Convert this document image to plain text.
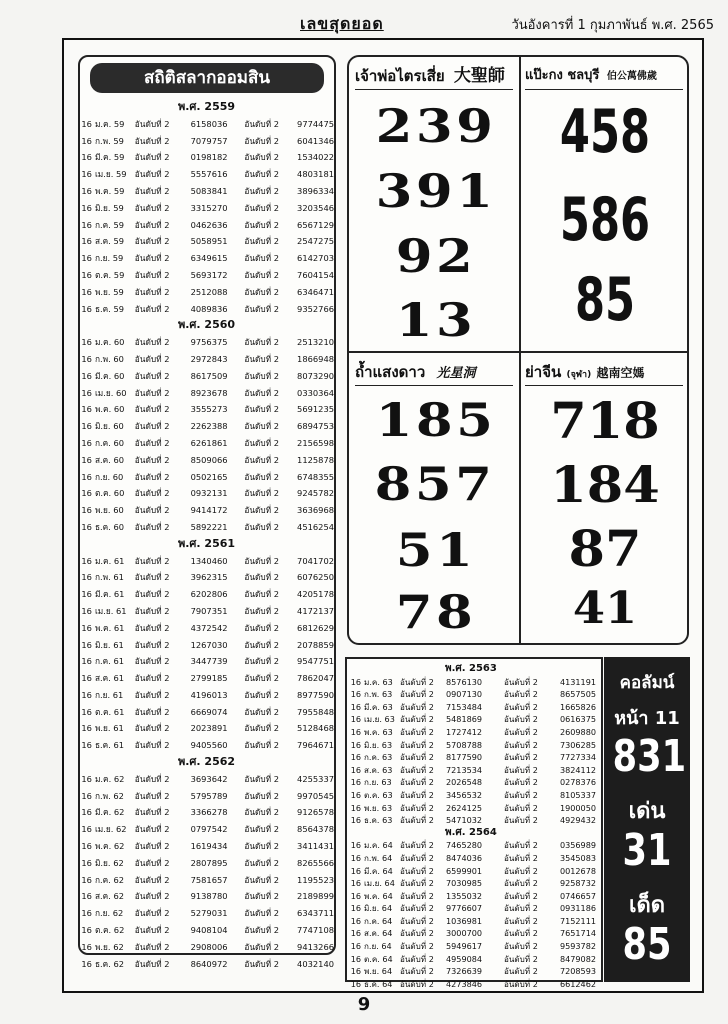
เลขสุดยอด	วันอังคารที่ 1 กุมภาพันธ์ พ.ศ. 2565
สถิติสลากออมสิน
พ.ศ. 2559
16 ม.ค. 59	อันดับที่ 2	6158036	อันดับที่ 2	9774475
16 ก.พ. 59	อันดับที่ 2	7079757	อันดับที่ 2	6041346
16 มี.ค. 59	อันดับที่ 2	0198182	อันดับที่ 2	1534022
16 เม.ย. 59 อันดับที่ 2	5557616	อันดับที่ 2	4803181
16 พ.ค. 59	อันดับที่ 2	5083841	อันดับที่ 2	3896334
16 มิ.ย. 59	อันดับที่ 2	3315270	อันดับที่ 2	3203546
16 ก.ค. 59	อันดับที่ 2	0462636	อันดับที่ 2	6567129
16 ส.ค. 59	อันดับที่ 2	5058951	อันดับที่ 2	2547275
16 ก.ย. 59	อันดับที่ 2	6349615	อันดับที่ 2	6142703
16 ต.ค. 59	อันดับที่ 2	5693172	อันดับที่ 2	7604154
16 พ.ย. 59	อันดับที่ 2	2512088	อันดับที่ 2	6346471
16 ธ.ค. 59	อันดับที่ 2	4089836	อันดับที่ 2	9352766
พ.ศ. 2560
16 ม.ค. 60	อันดับที่ 2	9756375	อันดับที่ 2	2513210
16 ก.พ. 60	อันดับที่ 2	2972843	อันดับที่ 2	1866948
16 มี.ค. 60	อันดับที่ 2	8617509	อันดับที่ 2	8073290
16 เม.ย. 60 อันดับที่ 2	8923678	อันดับที่ 2	0330364
16 พ.ค. 60	อันดับที่ 2	3555273	อันดับที่ 2	5691235
16 มิ.ย. 60	อันดับที่ 2	2262388	อันดับที่ 2	6894753
16 ก.ค. 60	อันดับที่ 2	6261861	อันดับที่ 2	2156598
16 ส.ค. 60	อันดับที่ 2	8509066	อันดับที่ 2	1125878
16 ก.ย. 60	อันดับที่ 2	0502165	อันดับที่ 2	6748355
16 ต.ค. 60	อันดับที่ 2	0932131	อันดับที่ 2	9245782
16 พ.ย. 60	อันดับที่ 2	9414172	อันดับที่ 2	3636968
16 ธ.ค. 60	อันดับที่ 2	5892221	อันดับที่ 2	4516254
พ.ศ. 2561
16 ม.ค. 61	อันดับที่ 2	1340460	อันดับที่ 2	7041702
16 ก.พ. 61	อันดับที่ 2	3962315	อันดับที่ 2	6076250
16 มี.ค. 61	อันดับที่ 2	6202806	อันดับที่ 2	4205178
16 เม.ย. 61 อันดับที่ 2	7907351	อันดับที่ 2	4172137
16 พ.ค. 61	อันดับที่ 2	4372542	อันดับที่ 2	6812629
16 มิ.ย. 61	อันดับที่ 2	1267030	อันดับที่ 2	2078859
16 ก.ค. 61	อันดับที่ 2	3447739	อันดับที่ 2	9547751
16 ส.ค. 61	อันดับที่ 2	2799185	อันดับที่ 2	7862047
16 ก.ย. 61	อันดับที่ 2	4196013	อันดับที่ 2	8977590
16 ต.ค. 61	อันดับที่ 2	6669074	อันดับที่ 2	7955848
16 พ.ย. 61	อันดับที่ 2	2023891	อันดับที่ 2	5128468
16 ธ.ค. 61	อันดับที่ 2	9405560	อันดับที่ 2	7964671
พ.ศ. 2562
16 ม.ค. 62	อันดับที่ 2	3693642	อันดับที่ 2	4255337
16 ก.พ. 62	อันดับที่ 2	5795789	อันดับที่ 2	9970545
16 มี.ค. 62	อันดับที่ 2	3366278	อันดับที่ 2	9126578
16 เม.ย. 62 อันดับที่ 2	0797542	อันดับที่ 2	8564378
16 พ.ค. 62	อันดับที่ 2	1619434	อันดับที่ 2	3411431
16 มิ.ย. 62	อันดับที่ 2	2807895	อันดับที่ 2	8265566
16 ก.ค. 62	อันดับที่ 2	7581657	อันดับที่ 2	1195523
16 ส.ค. 62	อันดับที่ 2	9138780	อันดับที่ 2	2189899
16 ก.ย. 62	อันดับที่ 2	5279031	อันดับที่ 2	6343711
16 ต.ค. 62	อันดับที่ 2	9408104	อันดับที่ 2	7747108
16 พ.ย. 62	อันดับที่ 2	2908006	อันดับที่ 2	9413266
16 ธ.ค. 62	อันดับที่ 2	8640972	อันดับที่ 2	4032140
เจ้าพ่อไตรเสี่ย 大聖師
239
391
92
13
แป๊ะกง ชลบุรี 伯公萬佛歲
458
586
85
ถ้ำแสงดาว 光星洞
185
857
51
78
ย่าจีน (จุฬา) 越南空媽
718
184
87
41
พ.ศ. 2563
16 ม.ค. 63 อันดับที่ 2	8576130	อันดับที่ 2	4131191
16 ก.พ. 63 อันดับที่ 2	0907130	อันดับที่ 2	8657505
16 มี.ค. 63 อันดับที่ 2	7153484	อันดับที่ 2	1665826
16 เม.ย. 63 อันดับที่ 2	5481869	อันดับที่ 2	0616375
16 พ.ค. 63 อันดับที่ 2	1727412	อันดับที่ 2	2609880
16 มิ.ย. 63 อันดับที่ 2	5708788	อันดับที่ 2	7306285
16 ก.ค. 63 อันดับที่ 2	8177590	อันดับที่ 2	7727334
16 ส.ค. 63 อันดับที่ 2	7213534	อันดับที่ 2	3824112
16 ก.ย. 63	อันดับที่ 2	2026548	อันดับที่ 2	0278376
16 ต.ค. 63 อันดับที่ 2	3456532	อันดับที่ 2	8105337
16 พ.ย. 63 อันดับที่ 2	2624125	อันดับที่ 2	1900050
16 ธ.ค. 63 อันดับที่ 2	5471032	อันดับที่ 2	4929432
พ.ศ. 2564
16 ม.ค. 64 อันดับที่ 2	7465280	อันดับที่ 2	0356989
16 ก.พ. 64 อันดับที่ 2	8474036	อันดับที่ 2	3545083
16 มี.ค. 64 อันดับที่ 2	6599901	อันดับที่ 2	0012678
16 เม.ย. 64 อันดับที่ 2	7030985	อันดับที่ 2	9258732
16 พ.ค. 64 อันดับที่ 2	1355032	อันดับที่ 2	0746657
16 มิ.ย. 64 อันดับที่ 2	9776607	อันดับที่ 2	0931186
16 ก.ค. 64 อันดับที่ 2	1036981	อันดับที่ 2	7152111
16 ส.ค. 64 อันดับที่ 2	3000700	อันดับที่ 2	7651714
16 ก.ย. 64	อันดับที่ 2	5949617	อันดับที่ 2	9593782
16 ต.ค. 64 อันดับที่ 2	4959084	อันดับที่ 2	8479082
16 พ.ย. 64 อันดับที่ 2	7326639	อันดับที่ 2	7208593
16 ธ.ค. 64 อันดับที่ 2	4273846	อันดับที่ 2	6612462
คอลัมน์
หน้า 11
831
เด่น
31
เด็ด
85
9
